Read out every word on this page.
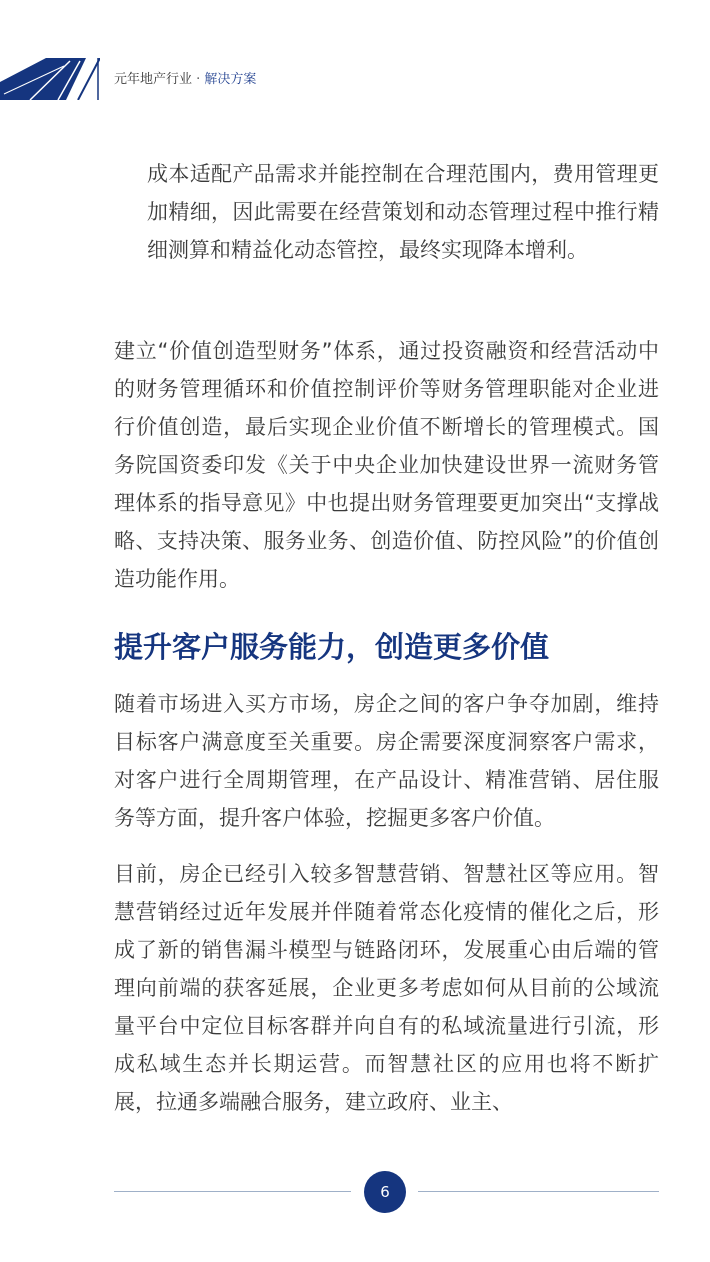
元年地产行业 · 解决方案

成本适配产品需求并能控制在合理范围内，费用管理更加精细，因此需要在经营策划和动态管理过程中推行精细测算和精益化动态管控，最终实现降本增利。

建立“价值创造型财务”体系，通过投资融资和经营活动中的财务管理循环和价值控制评价等财务管理职能对企业进行价值创造，最后实现企业价值不断增长的管理模式。国务院国资委印发《关于中央企业加快建设世界一流财务管理体系的指导意见》中也提出财务管理要更加突出“支撑战略、支持决策、服务业务、创造价值、防控风险”的价值创造功能作用。

提升客户服务能力，创造更多价值

随着市场进入买方市场，房企之间的客户争夺加剧，维持目标客户满意度至关重要。房企需要深度洞察客户需求，对客户进行全周期管理，在产品设计、精准营销、居住服务等方面，提升客户体验，挖掘更多客户价值。

目前，房企已经引入较多智慧营销、智慧社区等应用。智慧营销经过近年发展并伴随着常态化疫情的催化之后，形成了新的销售漏斗模型与链路闭环，发展重心由后端的管理向前端的获客延展，企业更多考虑如何从目前的公域流量平台中定位目标客群并向自有的私域流量进行引流，形成私域生态并长期运营。而智慧社区的应用也将不断扩展，拉通多端融合服务，建立政府、业主、

6
